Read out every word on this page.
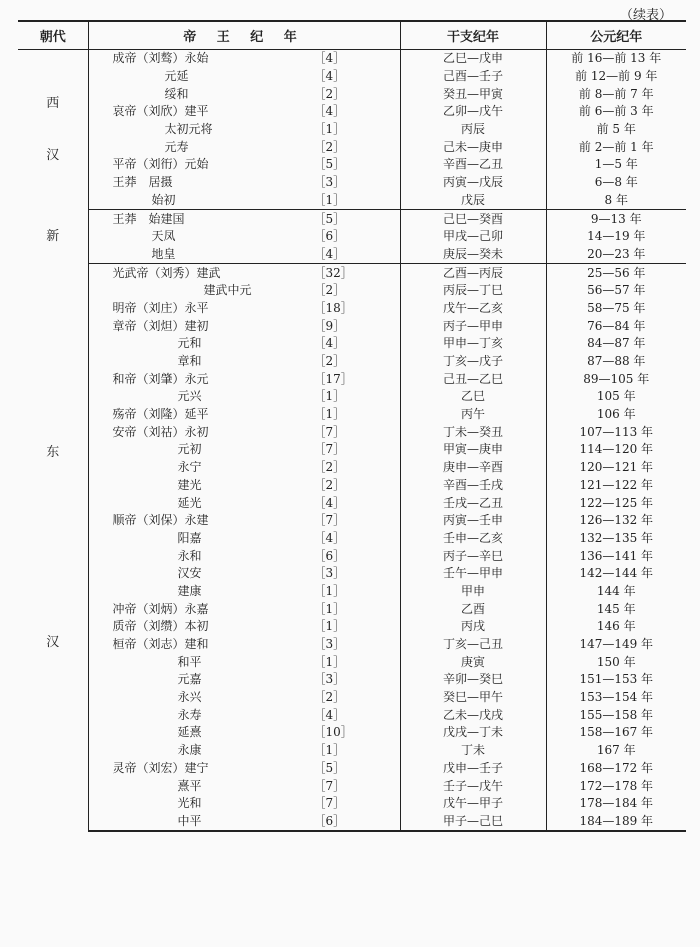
（续表）
朝代	帝 王 纪 年	干支纪年	公元纪年

西
汉	成帝（刘骜）永始 ［4］	乙巳—戊申	前 16—前 13 年

	元延 ［4］	己酉—壬子	前 12—前 9 年

	绥和 ［2］	癸丑—甲寅	前 8—前 7 年

	哀帝（刘欣）建平 ［4］	乙卯—戊午	前 6—前 3 年

	太初元将 ［1］	丙辰	前 5 年

	元寿 ［2］	己未—庚申	前 2—前 1 年

	平帝（刘衎）元始 ［5］	辛酉—乙丑	1—5 年

	王莽　居摄 ［3］	丙寅—戊辰	6—8 年

	始初 ［1］	戊辰	8 年

新	王莽　始建国 ［5］	己巳—癸酉	9—13 年

	天凤 ［6］	甲戌—己卯	14—19 年

	地皇 ［4］	庚辰—癸未	20—23 年

东
汉	光武帝（刘秀）建武 ［32］	乙酉—丙辰	25—56 年

	建武中元 ［2］	丙辰—丁巳	56—57 年

	明帝（刘庄）永平 ［18］	戊午—乙亥	58—75 年

	章帝（刘炟）建初 ［9］	丙子—甲申	76—84 年

	元和 ［4］	甲申—丁亥	84—87 年

	章和 ［2］	丁亥—戊子	87—88 年

	和帝（刘肇）永元 ［17］	己丑—乙巳	89—105 年

	元兴 ［1］	乙巳	105 年

	殇帝（刘隆）延平 ［1］	丙午	106 年

	安帝（刘祜）永初 ［7］	丁未—癸丑	107—113 年

	元初 ［7］	甲寅—庚申	114—120 年

	永宁 ［2］	庚申—辛酉	120—121 年

	建光 ［2］	辛酉—壬戌	121—122 年

	延光 ［4］	壬戌—乙丑	122—125 年

	顺帝（刘保）永建 ［7］	丙寅—壬申	126—132 年

	阳嘉 ［4］	壬申—乙亥	132—135 年

	永和 ［6］	丙子—辛巳	136—141 年

	汉安 ［3］	壬午—甲申	142—144 年

	建康 ［1］	甲申	144 年

	冲帝（刘炳）永嘉 ［1］	乙酉	145 年

	质帝（刘缵）本初 ［1］	丙戌	146 年

	桓帝（刘志）建和 ［3］	丁亥—己丑	147—149 年

	和平 ［1］	庚寅	150 年

	元嘉 ［3］	辛卯—癸巳	151—153 年

	永兴 ［2］	癸巳—甲午	153—154 年

	永寿 ［4］	乙未—戊戌	155—158 年

	延熹 ［10］	戊戌—丁未	158—167 年

	永康 ［1］	丁未	167 年

	灵帝（刘宏）建宁 ［5］	戊申—壬子	168—172 年

	熹平 ［7］	壬子—戊午	172—178 年

	光和 ［7］	戊午—甲子	178—184 年

	中平 ［6］	甲子—己巳	184—189 年
